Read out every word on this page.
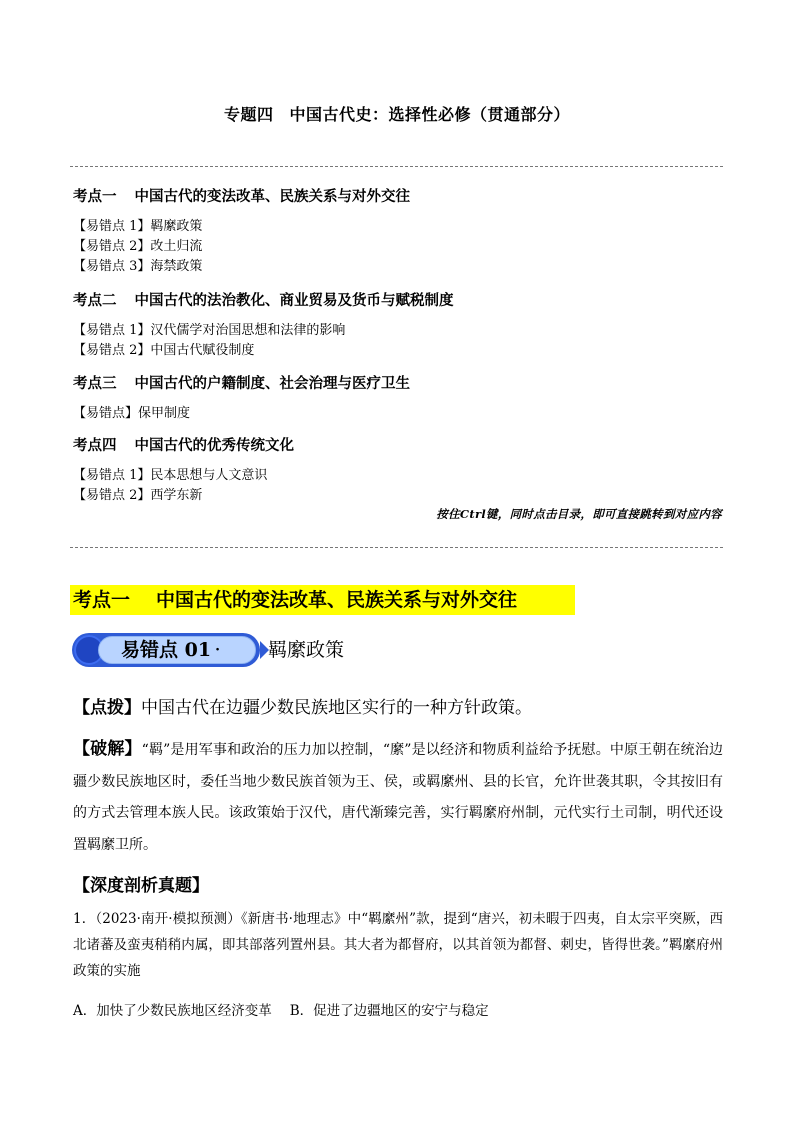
专题四 中国古代史：选择性必修（贯通部分）
考点一 中国古代的变法改革、民族关系与对外交往
【易错点 1】羁縻政策
【易错点 2】改土归流
【易错点 3】海禁政策
考点二 中国古代的法治教化、商业贸易及货币与赋税制度
【易错点 1】汉代儒学对治国思想和法律的影响
【易错点 2】中国古代赋役制度
考点三 中国古代的户籍制度、社会治理与医疗卫生
【易错点】保甲制度
考点四 中国古代的优秀传统文化
【易错点 1】民本思想与人文意识
【易错点 2】西学东新
按住Ctrl键，同时点击目录，即可直接跳转到对应内容
考点一 中国古代的变法改革、民族关系与对外交往
易错点 01 ·	羁縻政策
【点拨】中国古代在边疆少数民族地区实行的一种方针政策。
【破解】“羁”是用军事和政治的压力加以控制，“縻”是以经济和物质利益给予抚慰。中原王朝在统治边疆少数民族地区时，委任当地少数民族首领为王、侯，或羁縻州、县的长官，允许世袭其职，令其按旧有的方式去管理本族人民。该政策始于汉代，唐代渐臻完善，实行羁縻府州制，元代实行土司制，明代还设置羁縻卫所。
【深度剖析真题】
1．（2023·南开·模拟预测）《新唐书·地理志》中“羁縻州”款，提到“唐兴，初未暇于四夷，自太宗平突厥，西北诸蕃及蛮夷稍稍内属，即其部落列置州县。其大者为都督府，以其首领为都督、刺史，皆得世袭。”羁縻府州政策的实施
A．加快了少数民族地区经济变革 B．促进了边疆地区的安宁与稳定
